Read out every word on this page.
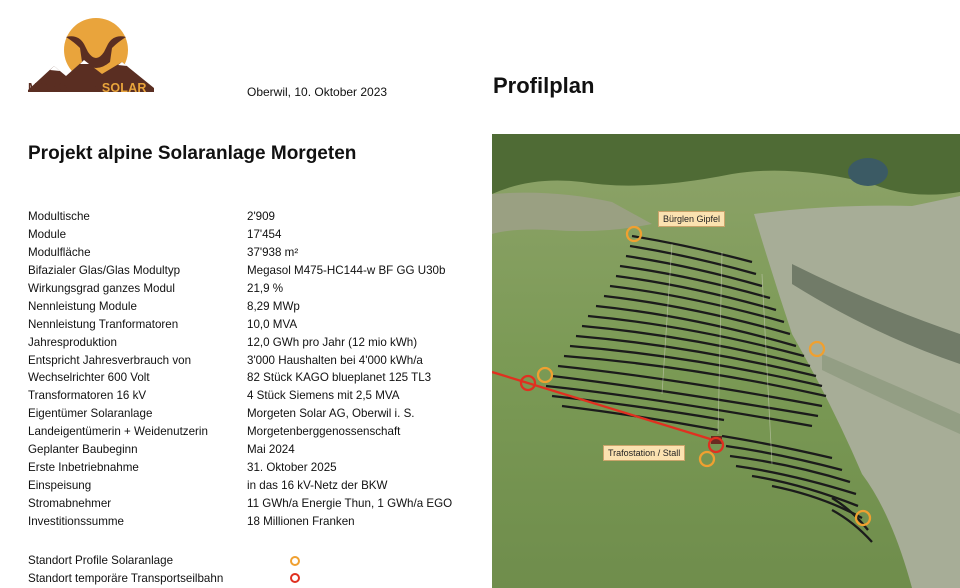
MORGETENSOLAR	Oberwil, 10. Oktober 2023	Profilplan
Projekt alpine Solaranlage Morgeten
Modultische	2'909
Module	17'454
Modulfläche	37'938 m²
Bifazialer Glas/Glas Modultyp	Megasol M475-HC144-w BF GG U30b
Wirkungsgrad ganzes Modul	21,9 %
Nennleistung Module	8,29 MWp
Nennleistung Tranformatoren	10,0 MVA
Jahresproduktion	12,0 GWh pro Jahr (12 mio kWh)
Entspricht Jahresverbrauch von	3'000 Haushalten bei 4'000 kWh/a
Wechselrichter 600 Volt	82 Stück KAGO blueplanet 125 TL3
Transformatoren 16 kV	4 Stück Siemens mit 2,5 MVA
Eigentümer Solaranlage	Morgeten Solar AG, Oberwil i. S.
Landeigentümerin + Weidenutzerin	Morgetenberggenossenschaft
Geplanter Baubeginn	Mai 2024
Erste Inbetriebnahme	31. Oktober 2025
Einspeisung	in das 16 kV-Netz der BKW
Stromabnehmer	11 GWh/a Energie Thun, 1 GWh/a EGO
Investitionssumme	18 Millionen Franken
Standort Profile Solaranlage
Standort temporäre Transportseilbahn
Bürglen Gipfel
Trafostation / Stall
